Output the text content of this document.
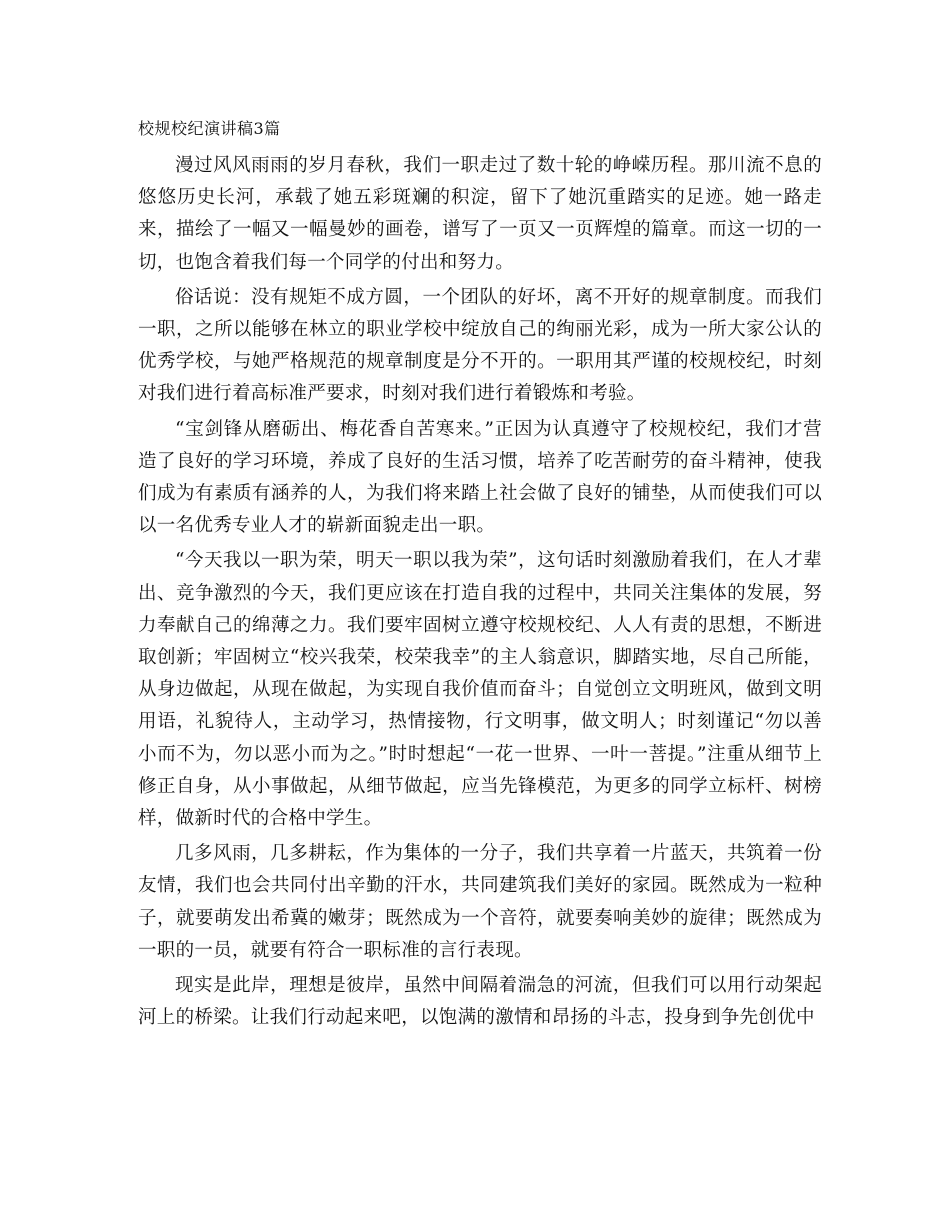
校规校纪演讲稿3篇

漫过风风雨雨的岁月春秋，我们一职走过了数十轮的峥嵘历程。那川流不息的悠悠历史长河，承载了她五彩斑斓的积淀，留下了她沉重踏实的足迹。她一路走来，描绘了一幅又一幅曼妙的画卷，谱写了一页又一页辉煌的篇章。而这一切的一切，也饱含着我们每一个同学的付出和努力。

俗话说：没有规矩不成方圆，一个团队的好坏，离不开好的规章制度。而我们一职，之所以能够在林立的职业学校中绽放自己的绚丽光彩，成为一所大家公认的优秀学校，与她严格规范的规章制度是分不开的。一职用其严谨的校规校纪，时刻对我们进行着高标准严要求，时刻对我们进行着锻炼和考验。

“宝剑锋从磨砺出、梅花香自苦寒来。”正因为认真遵守了校规校纪，我们才营造了良好的学习环境，养成了良好的生活习惯，培养了吃苦耐劳的奋斗精神，使我们成为有素质有涵养的人，为我们将来踏上社会做了良好的铺垫，从而使我们可以以一名优秀专业人才的崭新面貌走出一职。

“今天我以一职为荣，明天一职以我为荣”，这句话时刻激励着我们，在人才辈出、竞争激烈的今天，我们更应该在打造自我的过程中，共同关注集体的发展，努力奉献自己的绵薄之力。我们要牢固树立遵守校规校纪、人人有责的思想，不断进取创新；牢固树立“校兴我荣，校荣我幸”的主人翁意识，脚踏实地，尽自己所能，从身边做起，从现在做起，为实现自我价值而奋斗；自觉创立文明班风，做到文明用语，礼貌待人，主动学习，热情接物，行文明事，做文明人；时刻谨记“勿以善小而不为，勿以恶小而为之。”时时想起“一花一世界、一叶一菩提。”注重从细节上修正自身，从小事做起，从细节做起，应当先锋模范，为更多的同学立标杆、树榜样，做新时代的合格中学生。

几多风雨，几多耕耘，作为集体的一分子，我们共享着一片蓝天，共筑着一份友情，我们也会共同付出辛勤的汗水，共同建筑我们美好的家园。既然成为一粒种子，就要萌发出希冀的嫩芽；既然成为一个音符，就要奏响美妙的旋律；既然成为一职的一员，就要有符合一职标准的言行表现。

现实是此岸，理想是彼岸，虽然中间隔着湍急的河流，但我们可以用行动架起河上的桥梁。让我们行动起来吧，以饱满的激情和昂扬的斗志，投身到争先创优中
